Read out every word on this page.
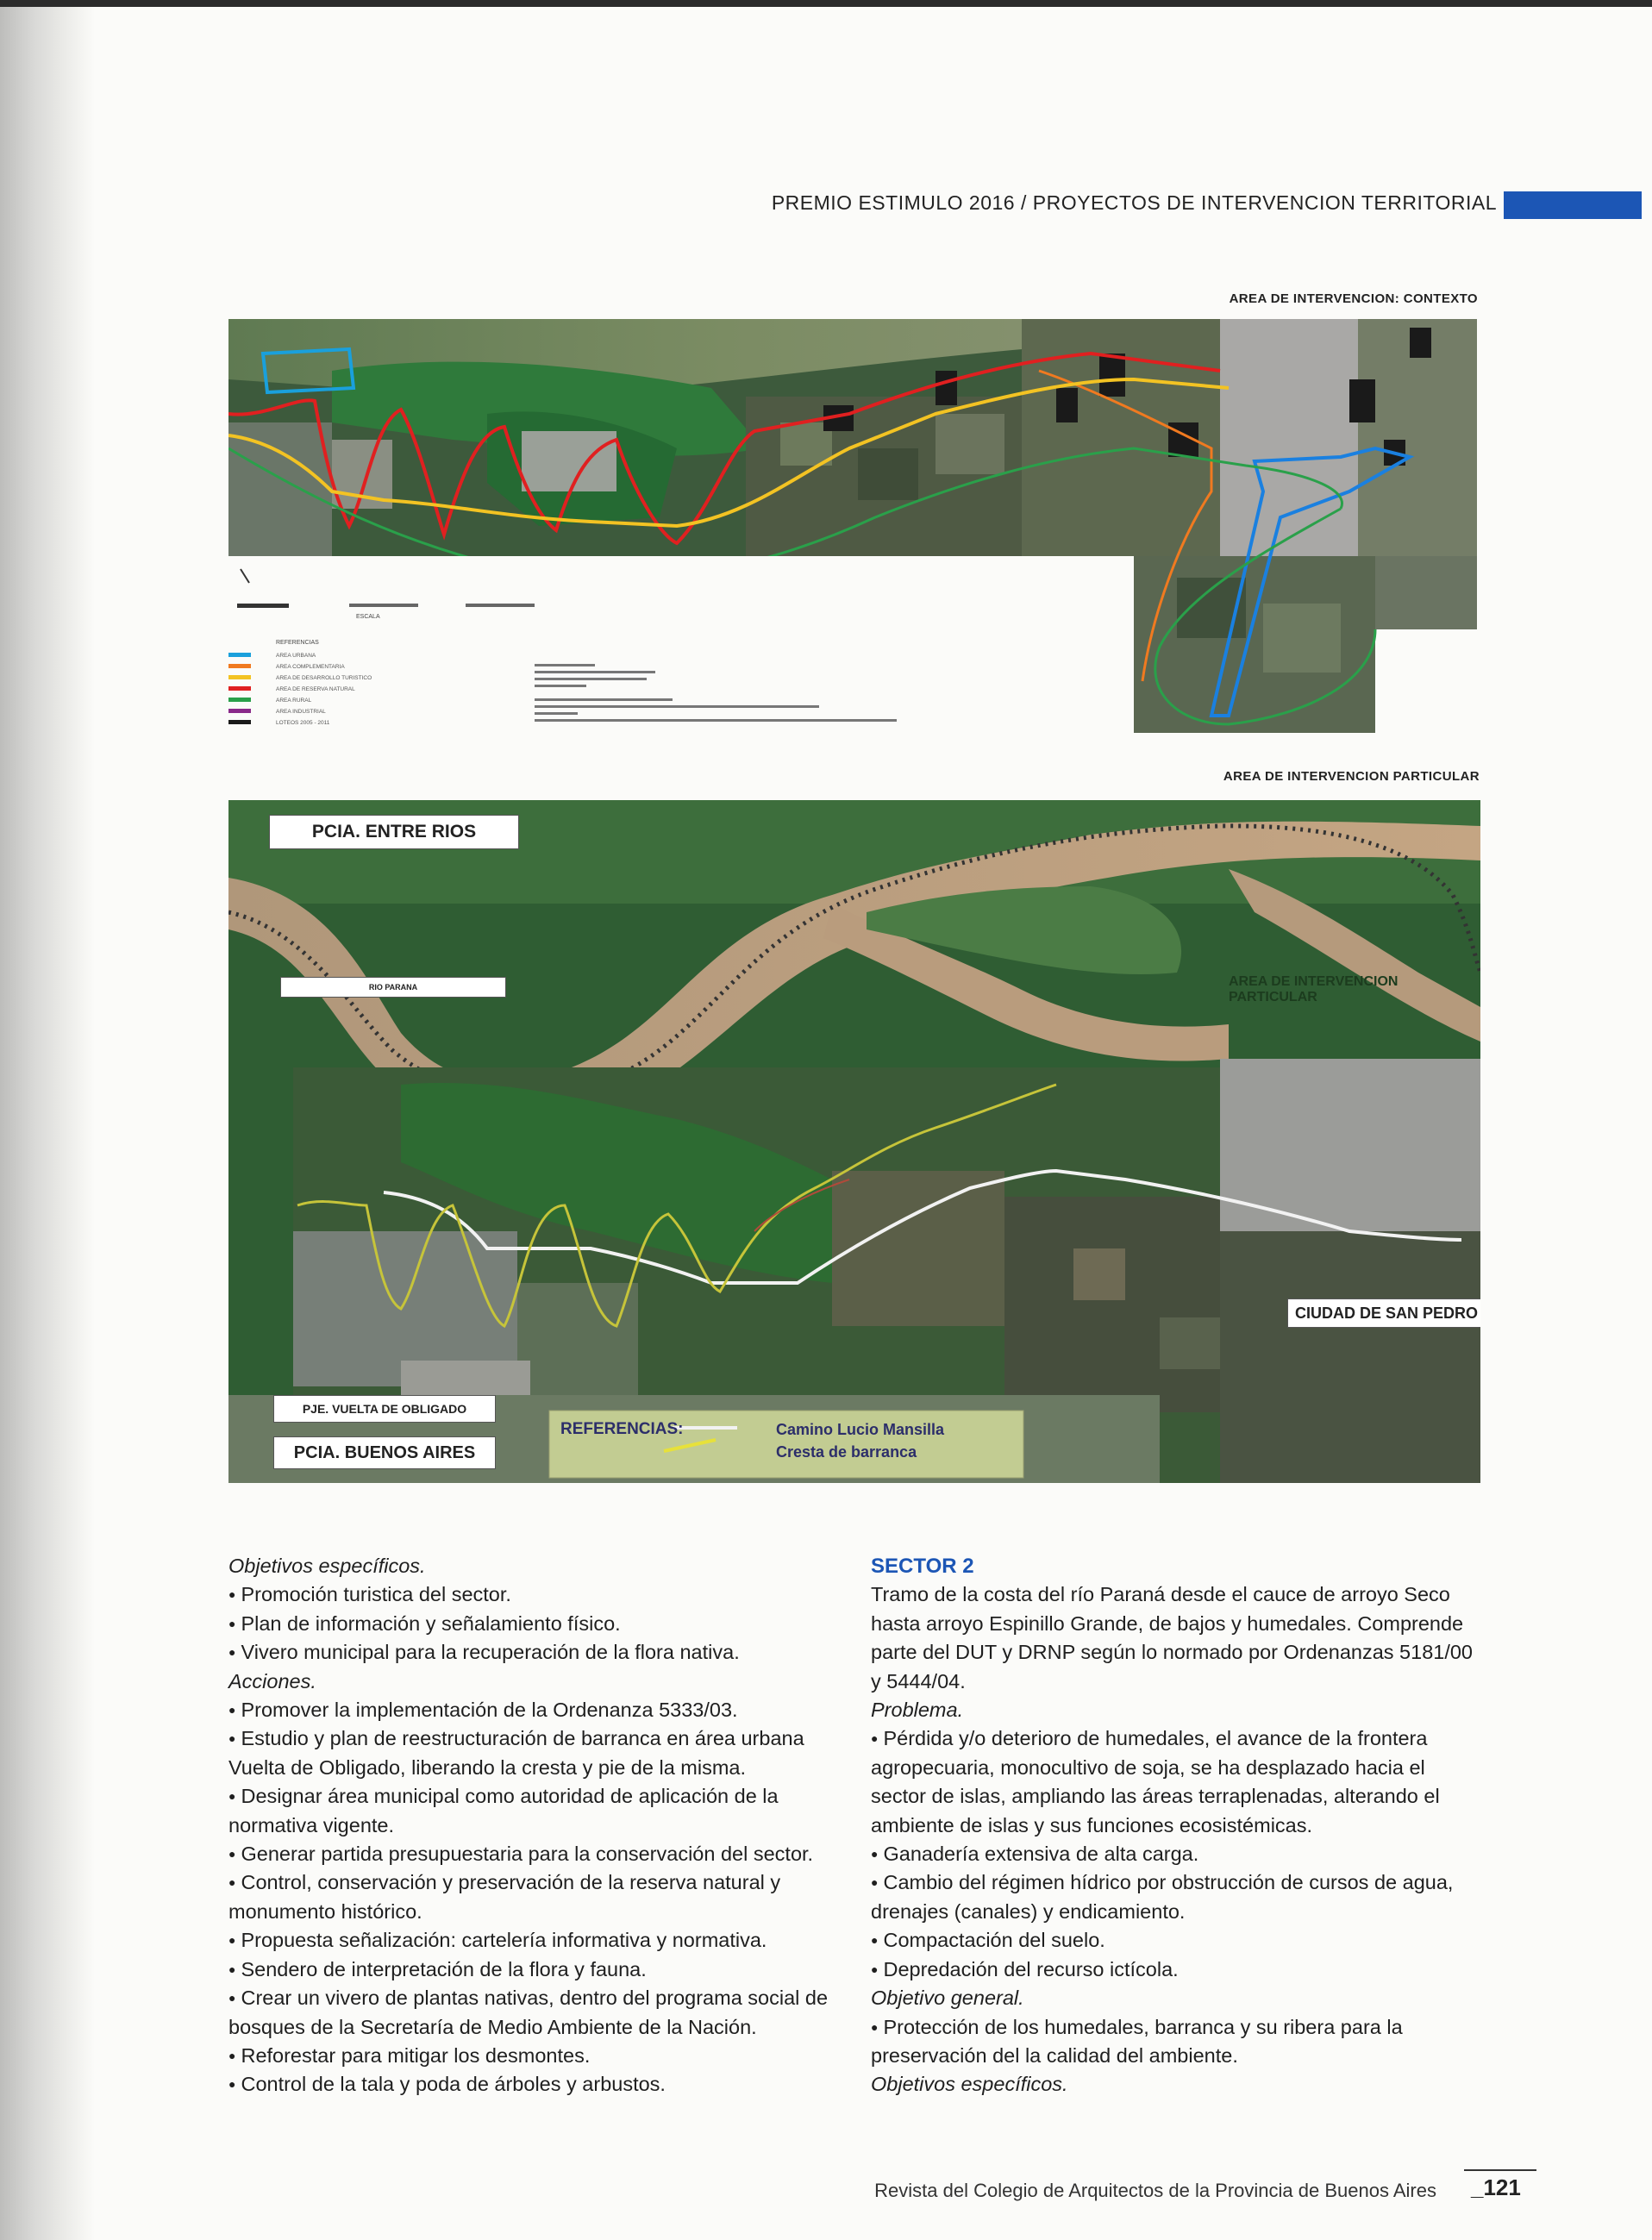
PREMIO ESTIMULO 2016 / PROYECTOS DE INTERVENCION TERRITORIAL
AREA DE INTERVENCION: CONTEXTO
ESCALA
REFERENCIAS
AREA URBANA
AREA COMPLEMENTARIA
AREA DE DESARROLLO TURISTICO
AREA DE RESERVA NATURAL
AREA RURAL
AREA INDUSTRIAL
LOTEOS 2005 - 2011
AREA DE INTERVENCION PARTICULAR
REFERENCIAS:	Camino Lucio Mansilla
Cresta de barranca
PCIA. ENTRE RIOS
RIO PARANA	AREA DE INTERVENCION PARTICULAR
CIUDAD DE SAN PEDRO
PJE. VUELTA DE OBLIGADO
PCIA. BUENOS AIRES

Objetivos específicos.

● Promoción turistica del sector.

● Plan de información y señalamiento físico.

● Vivero municipal para la recuperación de la flora nativa.

Acciones.

● Promover la implementación de la Ordenanza 5333/03.

● Estudio y plan de reestructuración de barranca en área urbana Vuelta de Obligado, liberando la cresta y pie de la misma.

● Designar área municipal como autoridad de aplicación de la normativa vigente.

● Generar partida presupuestaria para la conservación del sector.

● Control, conservación y preservación de la reserva natural y monumento histórico.

● Propuesta señalización: cartelería informativa y normativa.

● Sendero de interpretación de la flora y fauna.

● Crear un vivero de plantas nativas, dentro del programa social de bosques de la Secretaría de Medio Ambiente de la Nación.

● Reforestar para mitigar los desmontes.

● Control de la tala y poda de árboles y arbustos.

SECTOR 2

Tramo de la costa del río Paraná desde el cauce de arroyo Seco hasta arroyo Espinillo Grande, de bajos y humedales. Comprende parte del DUT y DRNP según lo normado por Ordenanzas 5181/00 y 5444/04.

Problema.

● Pérdida y/o deterioro de humedales, el avance de la frontera agropecuaria, monocultivo de soja, se ha desplazado hacia el sector de islas, ampliando las áreas terraplenadas, alterando el ambiente de islas y sus funciones ecosistémicas.

● Ganadería extensiva de alta carga.

● Cambio del régimen hídrico por obstrucción de cursos de agua, drenajes (canales) y endicamiento.

● Compactación del suelo.

● Depredación del recurso ictícola.

Objetivo general.

● Protección de los humedales, barranca y su ribera para la preservación del la calidad del ambiente.

Objetivos específicos.

Revista del Colegio de Arquitectos de la Provincia de Buenos Aires _121
